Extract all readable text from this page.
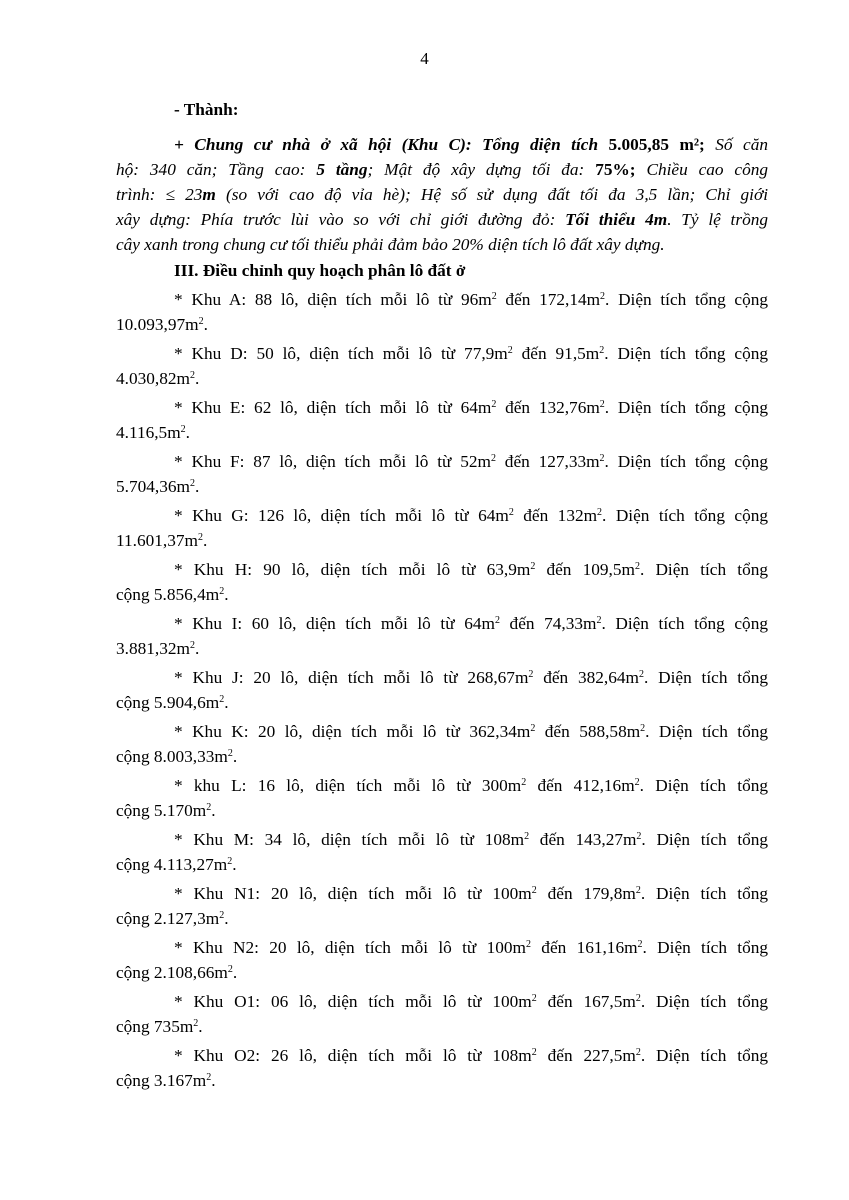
4
- Thành:
+ Chung cư nhà ở xã hội (Khu C): Tổng diện tích 5.005,85 m²; Số căn
hộ: 340 căn; Tầng cao: 5 tầng; Mật độ xây dựng tối đa: 75%; Chiều cao công
trình: ≤ 23m (so với cao độ vỉa hè); Hệ số sử dụng đất tối đa 3,5 lần; Chỉ giới
xây dựng: Phía trước lùi vào so với chỉ giới đường đỏ: Tối thiểu 4m. Tỷ lệ trồng
cây xanh trong chung cư tối thiểu phải đảm bảo 20% diện tích lô đất xây dựng.
III. Điều chỉnh quy hoạch phân lô đất ở
* Khu A: 88 lô, diện tích mỗi lô từ $96m^2$ đến $172,14m^2$. Diện tích tổng cộng
$10.093,97m^2$.
* Khu D: 50 lô, diện tích mỗi lô từ $77,9m^2$ đến $91,5m^2$. Diện tích tổng cộng
$4.030,82m^2$.
* Khu E: 62 lô, diện tích mỗi lô từ $64m^2$ đến $132,76m^2$. Diện tích tổng cộng
$4.116,5m^2$.
* Khu F: 87 lô, diện tích mỗi lô từ $52m^2$ đến $127,33m^2$. Diện tích tổng cộng
$5.704,36m^2$.
* Khu G: 126 lô, diện tích mỗi lô từ $64m^2$ đến $132m^2$. Diện tích tổng cộng
$11.601,37m^2$.
* Khu H: 90 lô, diện tích mỗi lô từ $63,9m^2$ đến $109,5m^2$. Diện tích tổng
cộng $5.856,4m^2$.
* Khu I: 60 lô, diện tích mỗi lô từ $64m^2$ đến $74,33m^2$. Diện tích tổng cộng
$3.881,32m^2$.
* Khu J: 20 lô, diện tích mỗi lô từ $268,67m^2$ đến $382,64m^2$. Diện tích tổng
cộng $5.904,6m^2$.
* Khu K: 20 lô, diện tích mỗi lô từ $362,34m^2$ đến $588,58m^2$. Diện tích tổng
cộng $8.003,33m^2$.
* khu L: 16 lô, diện tích mỗi lô từ $300m^2$ đến $412,16m^2$. Diện tích tổng
cộng $5.170m^2$.
* Khu M: 34 lô, diện tích mỗi lô từ $108m^2$ đến $143,27m^2$. Diện tích tổng
cộng $4.113,27m^2$.
* Khu N1: 20 lô, diện tích mỗi lô từ $100m^2$ đến $179,8m^2$. Diện tích tổng
cộng $2.127,3m^2$.
* Khu N2: 20 lô, diện tích mỗi lô từ $100m^2$ đến $161,16m^2$. Diện tích tổng
cộng $2.108,66m^2$.
* Khu O1: 06 lô, diện tích mỗi lô từ $100m^2$ đến $167,5m^2$. Diện tích tổng
cộng $735m^2$.
* Khu O2: 26 lô, diện tích mỗi lô từ $108m^2$ đến $227,5m^2$. Diện tích tổng
cộng $3.167m^2$.
